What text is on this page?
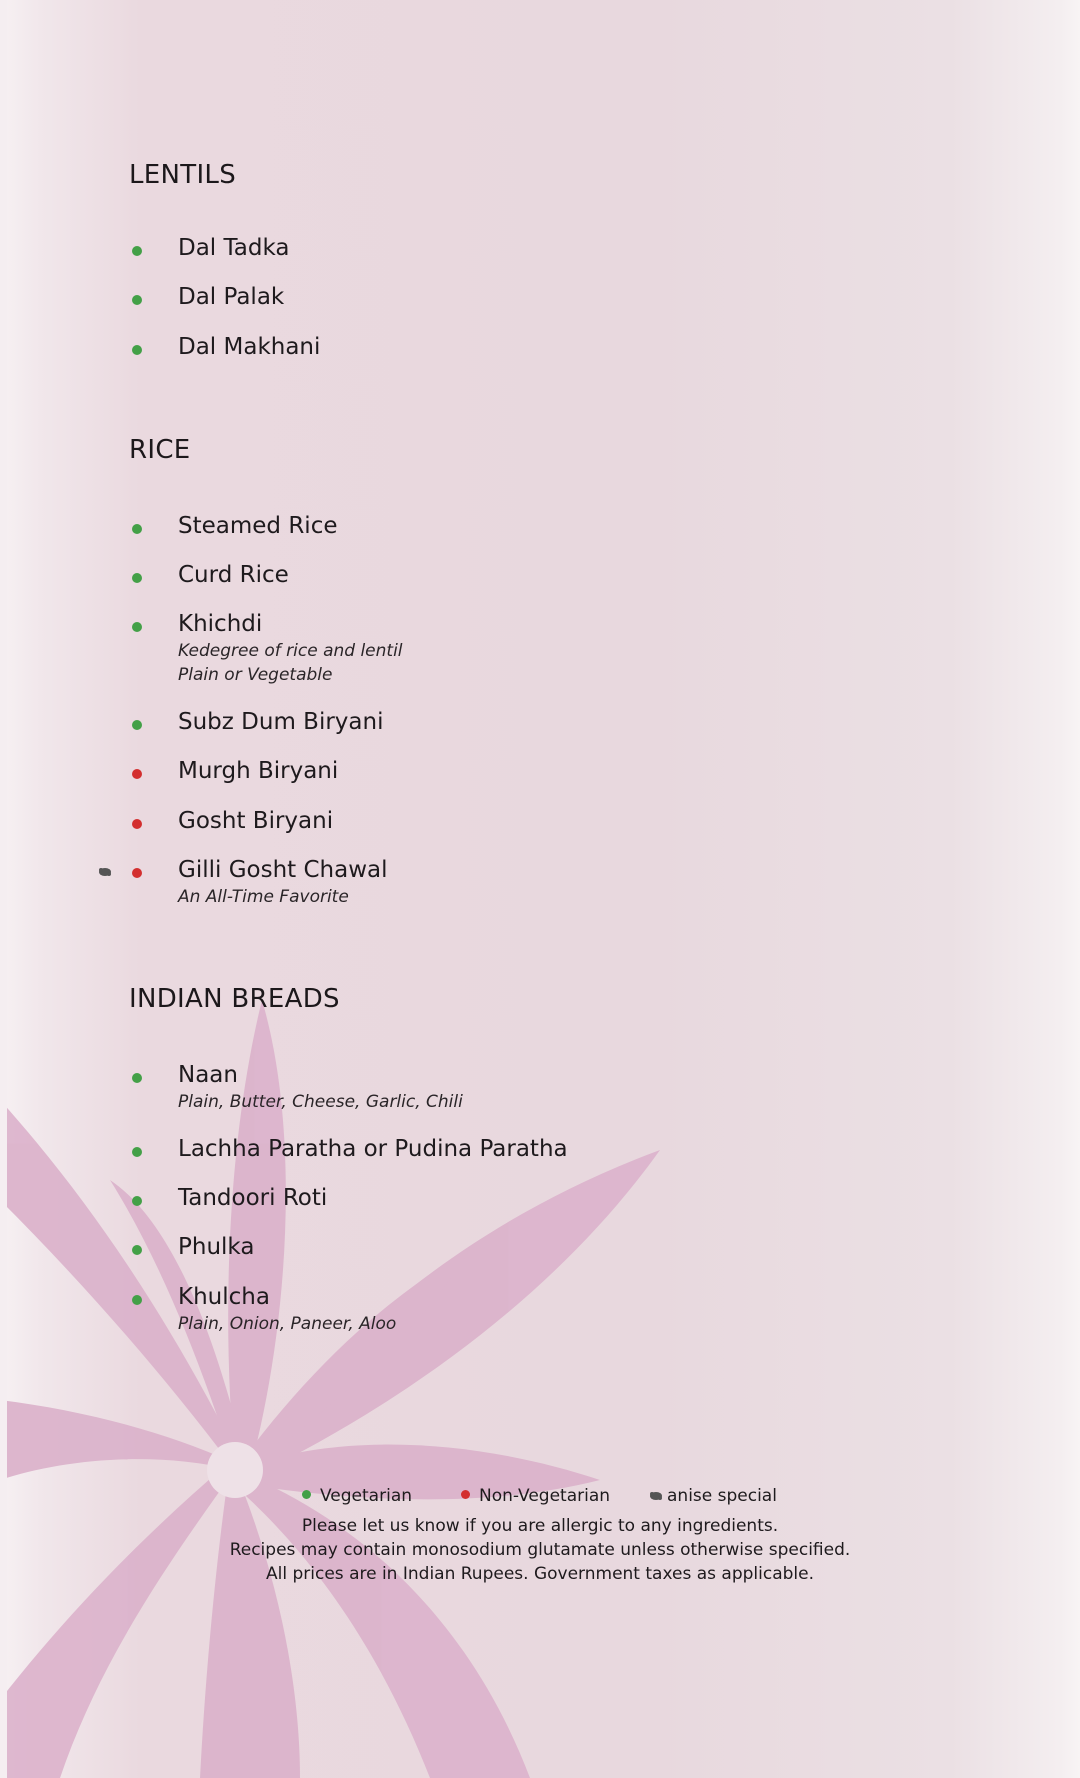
LENTILS
Dal Tadka
Dal Palak
Dal Makhani
RICE
Steamed Rice
Curd Rice
Khichdi
Kedegree of rice and lentil
Plain or Vegetable
Subz Dum Biryani
Murgh Biryani
Gosht Biryani
Gilli Gosht Chawal
An All-Time Favorite
INDIAN BREADS
Naan
Plain, Butter, Cheese, Garlic, Chili
Lachha Paratha or Pudina Paratha
Tandoori Roti
Phulka
Khulcha
Plain, Onion, Paneer, Aloo
Vegetarian	Non-Vegetarian	anise special
Please let us know if you are allergic to any ingredients.
Recipes may contain monosodium glutamate unless otherwise specified.
All prices are in Indian Rupees. Government taxes as applicable.
